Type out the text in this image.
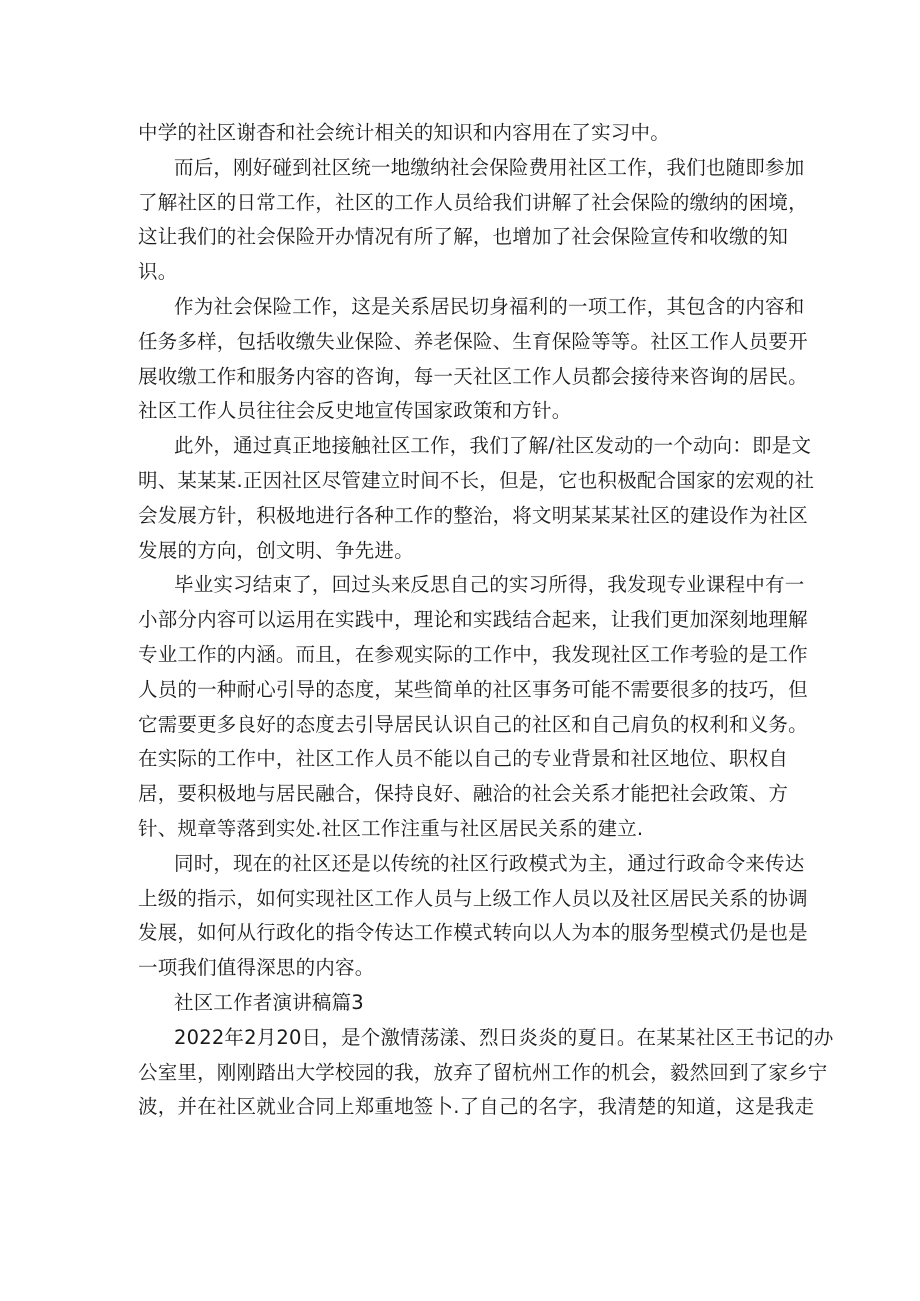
中学的社区谢杳和社会统计相关的知识和内容用在了实习中。
而后，刚好碰到社区统一地缴纳社会保险费用社区工作，我们也随即参加
了解社区的日常工作，社区的工作人员给我们讲解了社会保险的缴纳的困境，
这让我们的社会保险开办情况有所了解，也增加了社会保险宣传和收缴的知
识。
作为社会保险工作，这是关系居民切身福利的一项工作，其包含的内容和
任务多样，包括收缴失业保险、养老保险、生育保险等等。社区工作人员要开
展收缴工作和服务内容的咨询，每一天社区工作人员都会接待来咨询的居民。
社区工作人员往往会反史地宣传国家政策和方针。
此外，通过真正地接触社区工作，我们了解/社区发动的一个动向：即是文
明、某某某.正因社区尽管建立时间不长，但是，它也积极配合国家的宏观的社
会发展方针，积极地进行各种工作的整治，将文明某某某社区的建设作为社区
发展的方向，创文明、争先进。
毕业实习结束了，回过头来反思自己的实习所得，我发现专业课程中有一
小部分内容可以运用在实践中，理论和实践结合起来，让我们更加深刻地理解
专业工作的内涵。而且，在参观实际的工作中，我发现社区工作考验的是工作
人员的一种耐心引导的态度，某些简单的社区事务可能不需要很多的技巧，但
它需要更多良好的态度去引导居民认识自己的社区和自己肩负的权利和义务。
在实际的工作中，社区工作人员不能以自己的专业背景和社区地位、职权自
居，要积极地与居民融合，保持良好、融洽的社会关系才能把社会政策、方
针、规章等落到实处.社区工作注重与社区居民关系的建立.
同时，现在的社区还是以传统的社区行政模式为主，通过行政命令来传达
上级的指示，如何实现社区工作人员与上级工作人员以及社区居民关系的协调
发展，如何从行政化的指令传达工作模式转向以人为本的服务型模式仍是也是
一项我们值得深思的内容。
社区工作者演讲稿篇3
2022年2月20日，是个激情荡漾、烈日炎炎的夏日。在某某社区王书记的办
公室里，刚刚踏出大学校园的我，放弃了留杭州工作的机会，毅然回到了家乡宁
波，并在社区就业合同上郑重地签卜.了自己的名字，我清楚的知道，这是我走
